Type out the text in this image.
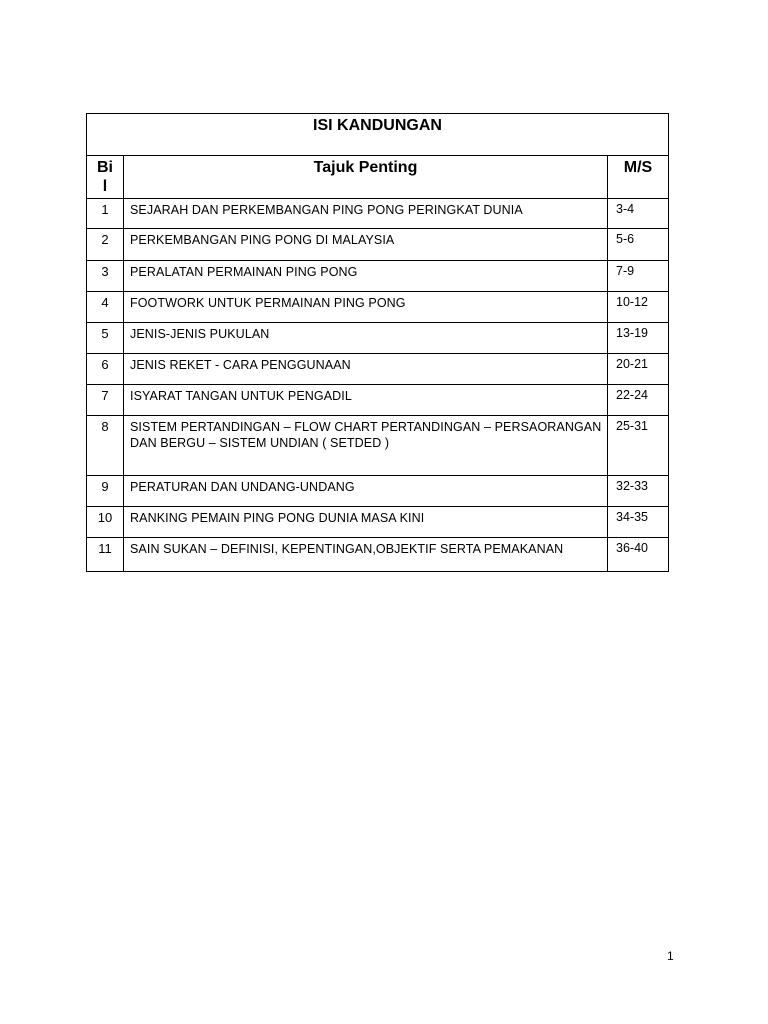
ISI KANDUNGAN		

Bi l	Tajuk Penting	M/S
1	SEJARAH DAN PERKEMBANGAN PING PONG PERINGKAT DUNIA	3-4
2	PERKEMBANGAN PING PONG DI MALAYSIA	5-6
3	PERALATAN PERMAINAN PING PONG	7-9
4	FOOTWORK UNTUK PERMAINAN PING PONG	10-12
5	JENIS-JENIS PUKULAN	13-19
6	JENIS REKET - CARA PENGGUNAAN	20-21
7	ISYARAT TANGAN UNTUK PENGADIL	22-24
8	SISTEM PERTANDINGAN – FLOW CHART PERTANDINGAN – PERSAORANGAN DAN BERGU – SISTEM UNDIAN ( SETDED )	25-31
9	PERATURAN DAN UNDANG-UNDANG	32-33
10	RANKING PEMAIN PING PONG DUNIA MASA KINI	34-35
11	SAIN SUKAN – DEFINISI, KEPENTINGAN,OBJEKTIF SERTA PEMAKANAN	36-40
1
